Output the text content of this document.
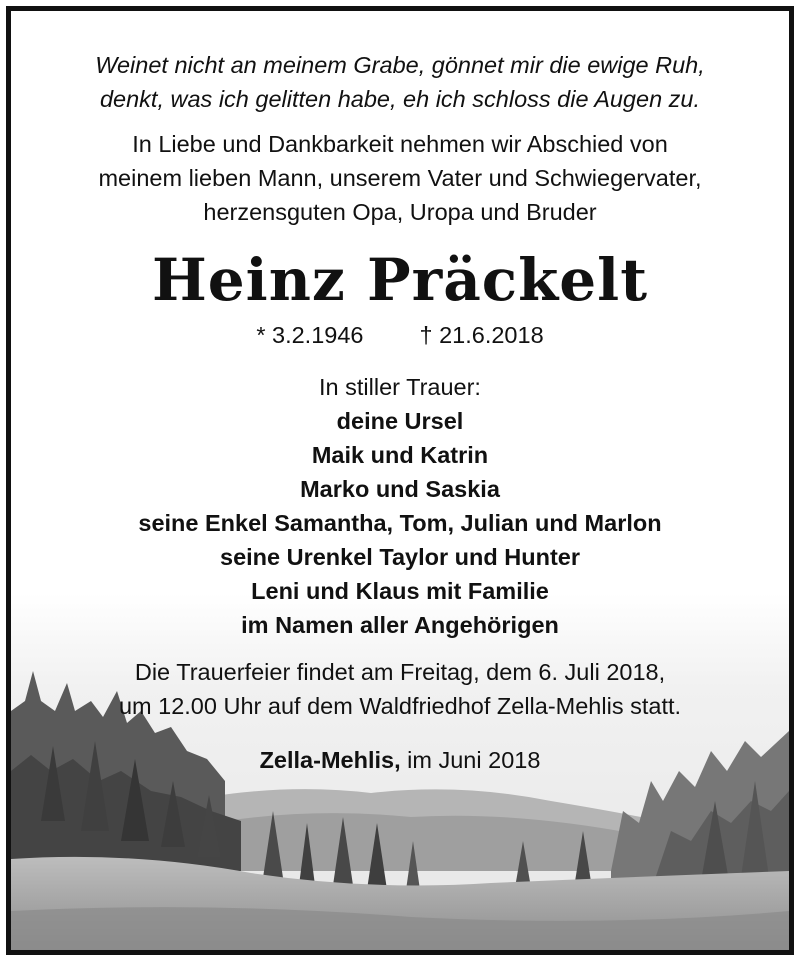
Weinet nicht an meinem Grabe, gönnet mir die ewige Ruh,
denkt, was ich gelitten habe, eh ich schloss die Augen zu.
In Liebe und Dankbarkeit nehmen wir Abschied von
meinem lieben Mann, unserem Vater und Schwiegervater,
herzensguten Opa, Uropa und Bruder
Heinz Präckelt
* 3.2.1946 † 21.6.2018
In stiller Trauer:
deine Ursel
Maik und Katrin
Marko und Saskia
seine Enkel Samantha, Tom, Julian und Marlon
seine Urenkel Taylor und Hunter
Leni und Klaus mit Familie
im Namen aller Angehörigen
Die Trauerfeier findet am Freitag, dem 6. Juli 2018,
um 12.00 Uhr auf dem Waldfriedhof Zella-Mehlis statt.
Zella-Mehlis, im Juni 2018
